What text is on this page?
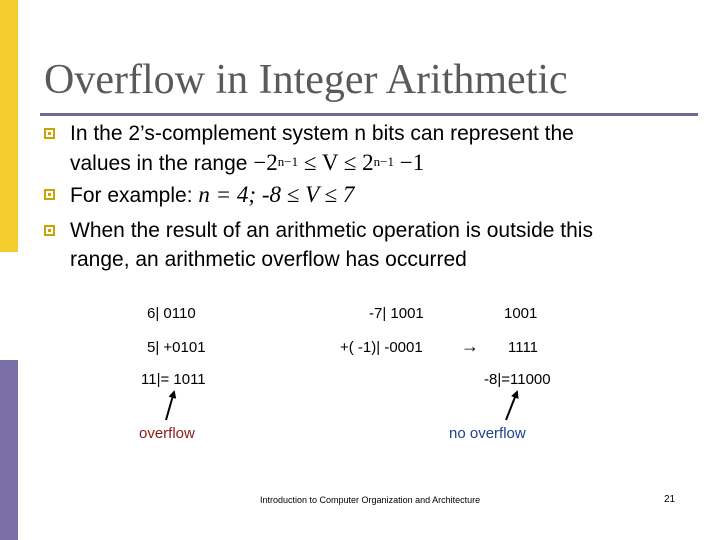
Overflow in Integer Arithmetic
In the 2’s-complement system n bits can represent the
values in the range $-2^{n-1} \le V \le 2^{n-1} -1$
For example: n = 4; -8 ≤ V ≤ 7
When the result of an arithmetic operation is outside this
range, an arithmetic overflow has occurred
6| 0110
5| +0101
11|= 1011
overflow
-7| 1001	1001
+( -1)| -0001 → 1111
-8|=11000
no overflow
Introduction to Computer Organization and Architecture	21
